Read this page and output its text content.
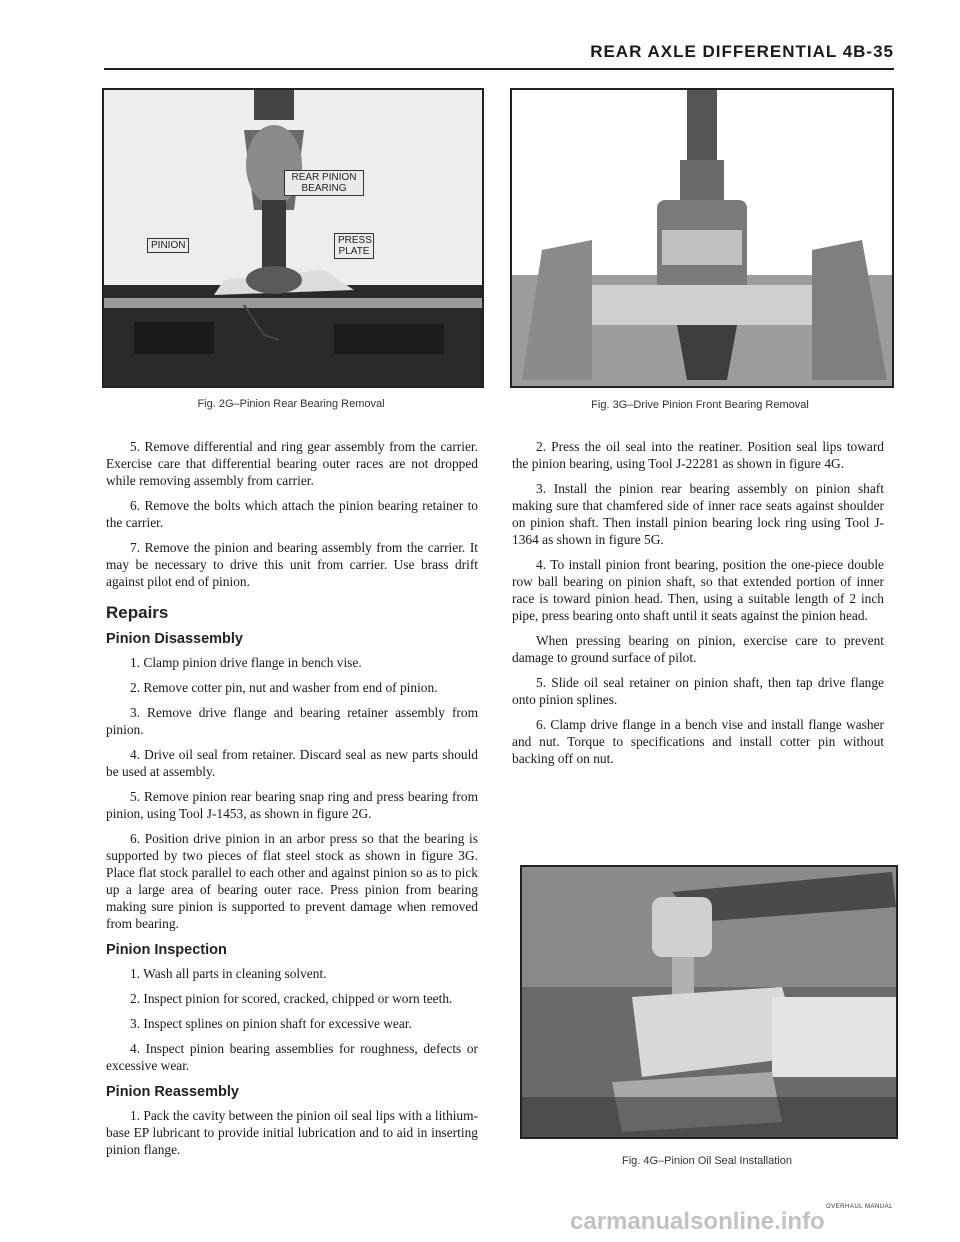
REAR AXLE DIFFERENTIAL 4B-35
REAR PINION BEARING
PINION	PRESS PLATE
Fig. 2G–Pinion Rear Bearing Removal	Fig. 3G–Drive Pinion Front Bearing Removal

5. Remove differential and ring gear assembly from the carrier. Exercise care that differential bearing outer races are not dropped while removing assembly from carrier.

6. Remove the bolts which attach the pinion bearing retainer to the carrier.

7. Remove the pinion and bearing assembly from the carrier. It may be necessary to drive this unit from carrier. Use brass drift against pilot end of pinion.

Repairs
Pinion Disassembly

1. Clamp pinion drive flange in bench vise.

2. Remove cotter pin, nut and washer from end of pinion.

3. Remove drive flange and bearing retainer assembly from pinion.

4. Drive oil seal from retainer. Discard seal as new parts should be used at assembly.

5. Remove pinion rear bearing snap ring and press bearing from pinion, using Tool J-1453, as shown in figure 2G.

6. Position drive pinion in an arbor press so that the bearing is supported by two pieces of flat steel stock as shown in figure 3G. Place flat stock parallel to each other and against pinion so as to pick up a large area of bearing outer race. Press pinion from bearing making sure pinion is supported to prevent damage when removed from bearing.

Pinion Inspection

1. Wash all parts in cleaning solvent.

2. Inspect pinion for scored, cracked, chipped or worn teeth.

3. Inspect splines on pinion shaft for excessive wear.

4. Inspect pinion bearing assemblies for roughness, defects or excessive wear.

Pinion Reassembly

1. Pack the cavity between the pinion oil seal lips with a lithium-base EP lubricant to provide initial lubrication and to aid in inserting pinion flange.

2. Press the oil seal into the reatiner. Position seal lips toward the pinion bearing, using Tool J-22281 as shown in figure 4G.

3. Install the pinion rear bearing assembly on pinion shaft making sure that chamfered side of inner race seats against shoulder on pinion shaft. Then install pinion bearing lock ring using Tool J-1364 as shown in figure 5G.

4. To install pinion front bearing, position the one-piece double row ball bearing on pinion shaft, so that extended portion of inner race is toward pinion head. Then, using a suitable length of 2 inch pipe, press bearing onto shaft until it seats against the pinion head.

When pressing bearing on pinion, exercise care to prevent damage to ground surface of pilot.

5. Slide oil seal retainer on pinion shaft, then tap drive flange onto pinion splines.

6. Clamp drive flange in a bench vise and install flange washer and nut. Torque to specifications and install cotter pin without backing off on nut.

Fig. 4G–Pinion Oil Seal Installation
OVERHAUL MANUAL
carmanualsonline.info
